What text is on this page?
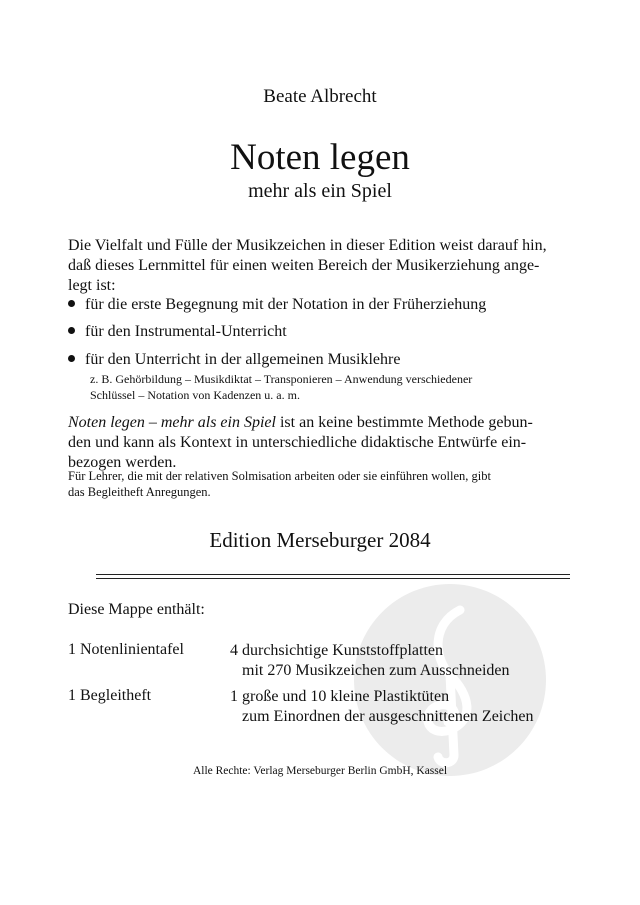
Beate Albrecht
Noten legen
mehr als ein Spiel
Die Vielfalt und Fülle der Musikzeichen in dieser Edition weist darauf hin,
daß dieses Lernmittel für einen weiten Bereich der Musikerziehung ange-
legt ist:
für die erste Begegnung mit der Notation in der Früherziehung
für den Instrumental-Unterricht
für den Unterricht in der allgemeinen Musiklehre
z. B. Gehörbildung – Musikdiktat – Transponieren – Anwendung verschiedener
Schlüssel – Notation von Kadenzen u. a. m.
Noten legen – mehr als ein Spiel ist an keine bestimmte Methode gebun-
den und kann als Kontext in unterschiedliche didaktische Entwürfe ein-
bezogen werden.
Für Lehrer, die mit der relativen Solmisation arbeiten oder sie einführen wollen, gibt
das Begleitheft Anregungen.
Edition Merseburger 2084
Diese Mappe enthält:
1 Notenlinientafel	4 durchsichtige Kunststoffplatten
mit 270 Musikzeichen zum Ausschneiden
1 Begleitheft	1 große und 10 kleine Plastiktüten
zum Einordnen der ausgeschnittenen Zeichen
Alle Rechte: Verlag Merseburger Berlin GmbH, Kassel
